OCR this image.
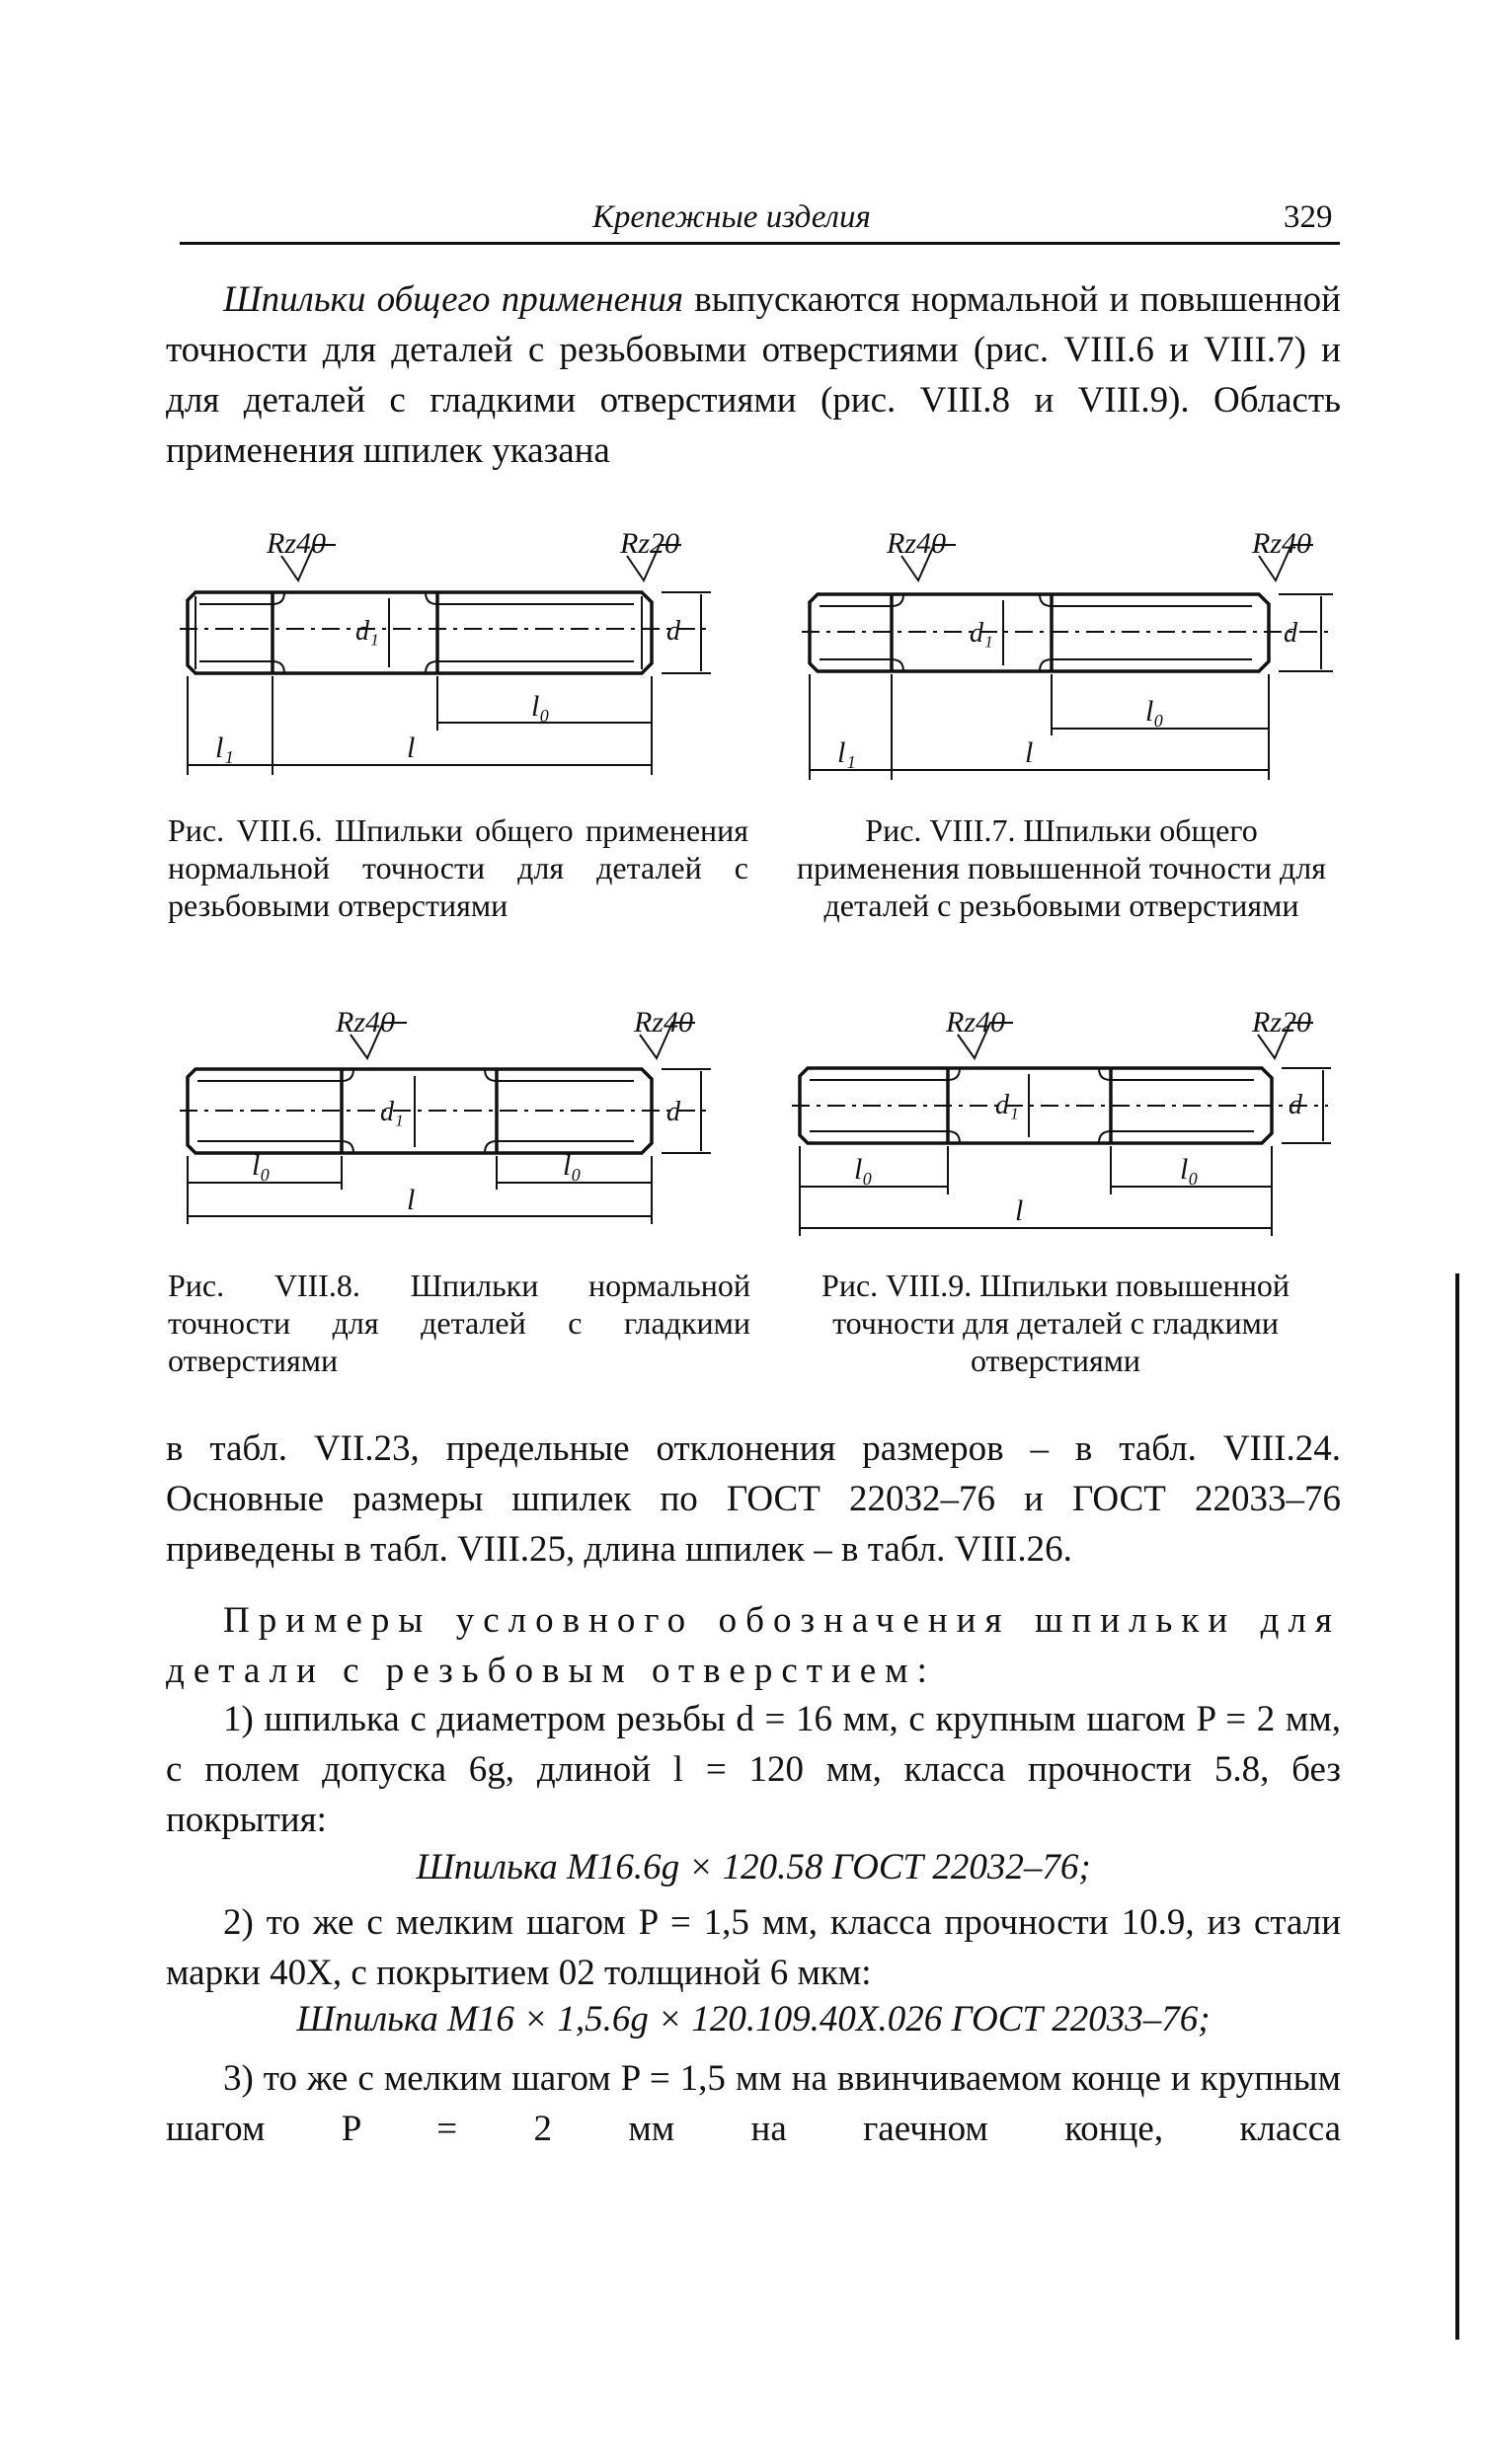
Крепежные изделия	329
Шпильки общего применения выпускаются нормальной и повышенной точности для деталей с резьбовыми отверстиями (рис. VIII.6 и VIII.7) и для деталей с гладкими отверстиями (рис. VIII.8 и VIII.9). Область применения шпилек указана
Rz40	Rz20
d₁	d
l₀
l₁	l
Rz40	Rz40
d₁	d
l₀
l₁	l
Рис. VIII.6. Шпильки общего применения нормальной точности для деталей с резьбовыми отверстиями
Рис. VIII.7. Шпильки общего применения повышенной точности для деталей с резьбовыми отверстиями
Rz40	Rz40
d₁	d
l₀	l₀
l
Rz40	Rz20
d₁	d
l₀	l₀
l
Рис. VIII.8. Шпильки нормальной точности для деталей с гладкими отверстиями
Рис. VIII.9. Шпильки повышенной точности для деталей с гладкими отверстиями
в табл. VII.23, предельные отклонения размеров – в табл. VIII.24. Основные размеры шпилек по ГОСТ 22032–76 и ГОСТ 22033–76 приведены в табл. VIII.25, длина шпилек – в табл. VIII.26.
Примеры условного обозначения шпильки для детали с резьбовым отверстием:
1) шпилька с диаметром резьбы d = 16 мм, с крупным шагом P = 2 мм, с полем допуска 6g, длиной l = 120 мм, класса прочности 5.8, без покрытия:
Шпилька М16.6g × 120.58 ГОСТ 22032–76;
2) то же с мелким шагом P = 1,5 мм, класса прочности 10.9, из стали марки 40Х, с покрытием 02 толщиной 6 мкм:
Шпилька М16 × 1,5.6g × 120.109.40Х.026 ГОСТ 22033–76;
3) то же с мелким шагом P = 1,5 мм на ввинчиваемом конце и крупным шагом P = 2 мм на гаечном конце, класса
